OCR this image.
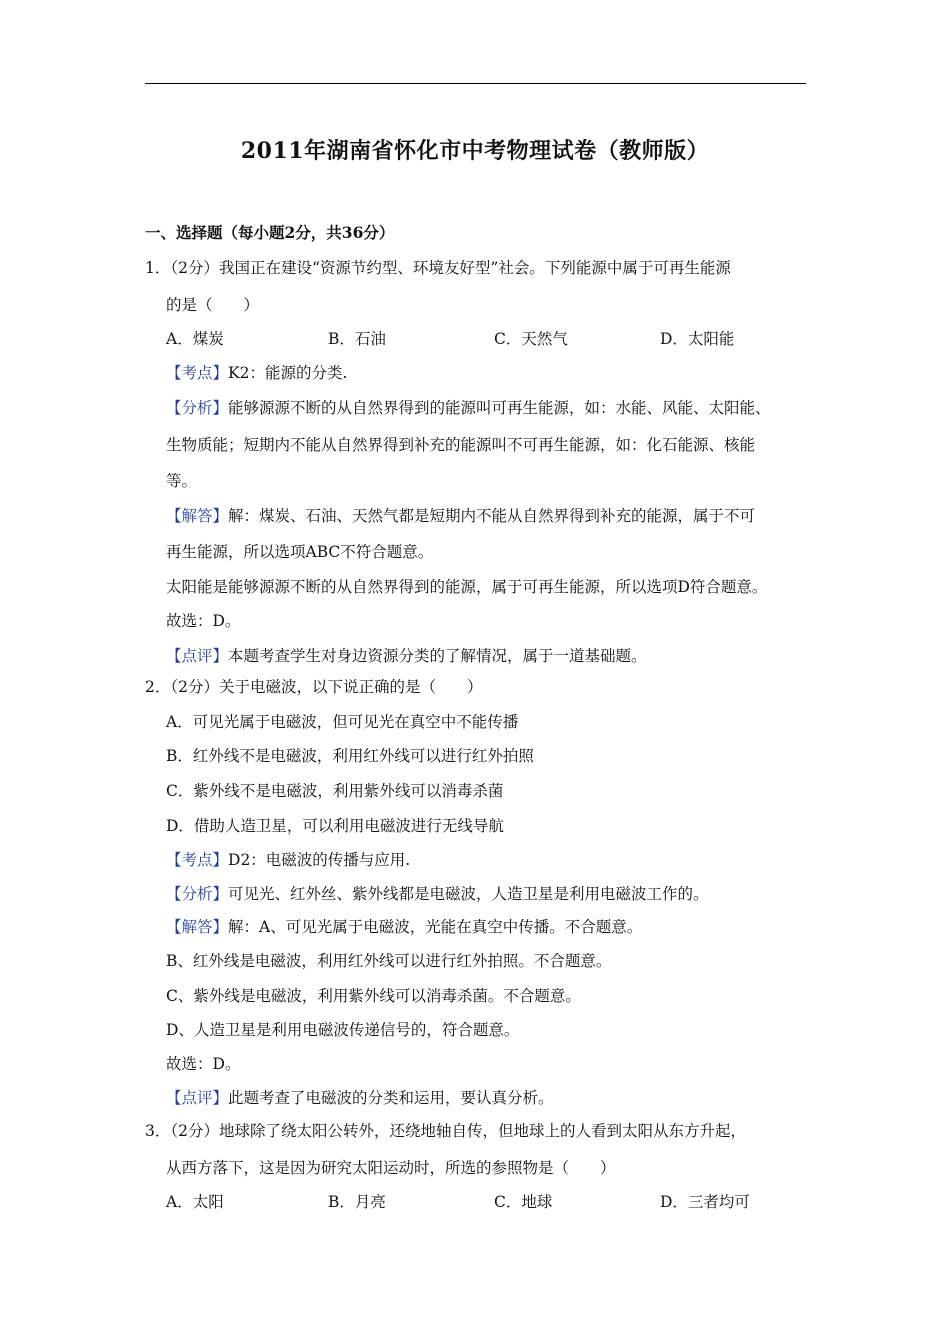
2011年湖南省怀化市中考物理试卷（教师版）
一、选择题（每小题2分，共36分）
1．（2分）我国正在建设“资源节约型、环境友好型”社会。下列能源中属于可再生能源
的是（　　）
A．煤炭	B．石油	C．天然气	D．太阳能
【考点】K2：能源的分类.
【分析】能够源源不断的从自然界得到的能源叫可再生能源，如：水能、风能、太阳能、
生物质能；短期内不能从自然界得到补充的能源叫不可再生能源，如：化石能源、核能
等。
【解答】解：煤炭、石油、天然气都是短期内不能从自然界得到补充的能源，属于不可
再生能源，所以选项ABC不符合题意。
太阳能是能够源源不断的从自然界得到的能源，属于可再生能源，所以选项D符合题意。
故选：D。
【点评】本题考查学生对身边资源分类的了解情况，属于一道基础题。
2．（2分）关于电磁波，以下说正确的是（　　）
A．可见光属于电磁波，但可见光在真空中不能传播
B．红外线不是电磁波，利用红外线可以进行红外拍照
C．紫外线不是电磁波，利用紫外线可以消毒杀菌
D．借助人造卫星，可以利用电磁波进行无线导航
【考点】D2：电磁波的传播与应用.
【分析】可见光、红外丝、紫外线都是电磁波，人造卫星是利用电磁波工作的。
【解答】解：A、可见光属于电磁波，光能在真空中传播。不合题意。
B、红外线是电磁波，利用红外线可以进行红外拍照。不合题意。
C、紫外线是电磁波，利用紫外线可以消毒杀菌。不合题意。
D、人造卫星是利用电磁波传递信号的，符合题意。
故选：D。
【点评】此题考查了电磁波的分类和运用，要认真分析。
3．（2分）地球除了绕太阳公转外，还绕地轴自传，但地球上的人看到太阳从东方升起，
从西方落下，这是因为研究太阳运动时，所选的参照物是（　　）
A．太阳	B．月亮	C．地球	D．三者均可
